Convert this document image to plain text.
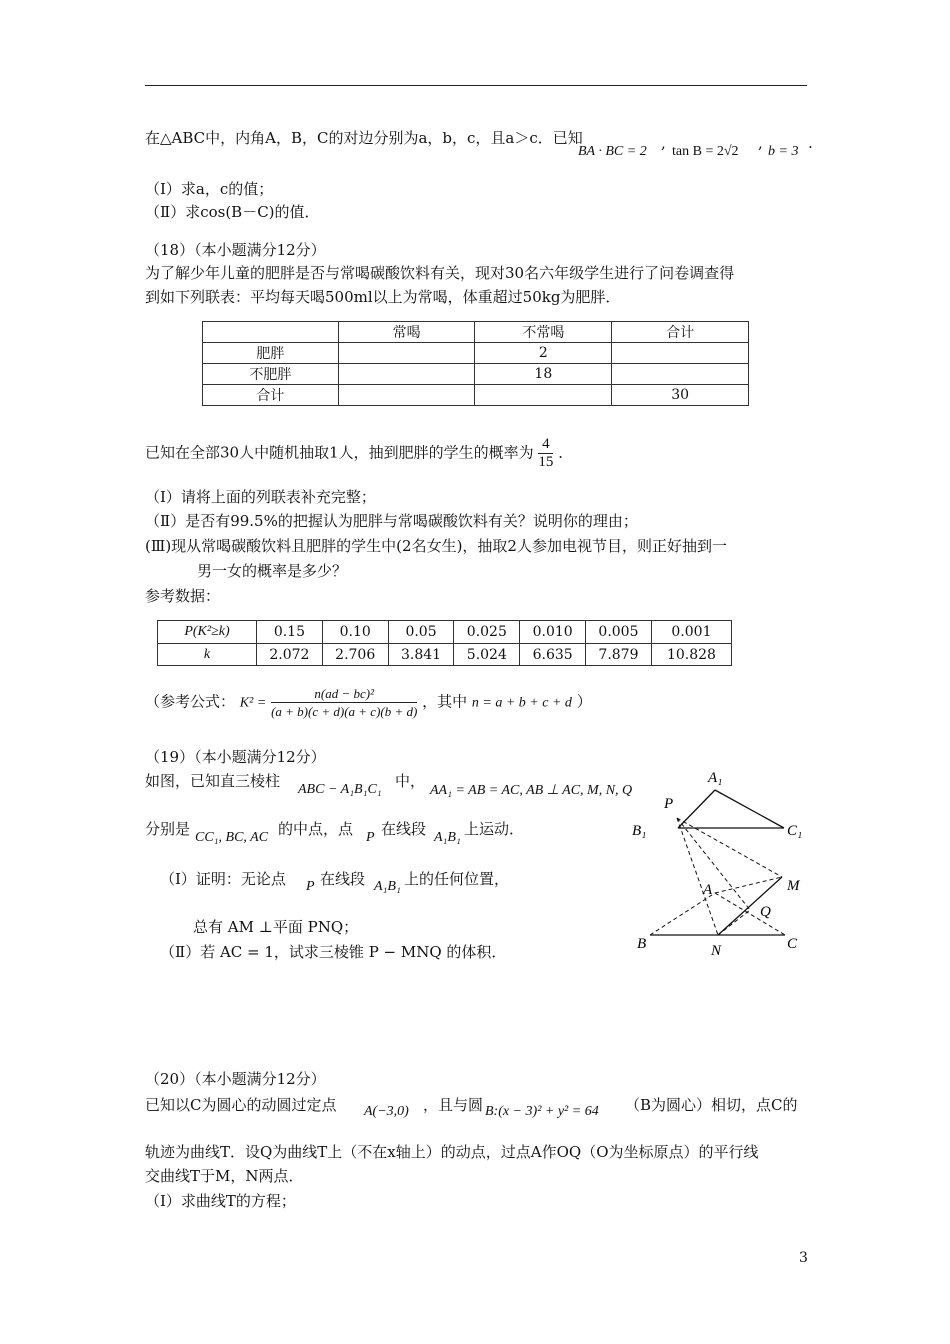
在△ABC中，内角A，B，C的对边分别为a，b，c，且a＞c．已知
BA · BC = 2 , tan B = 2√2 , b = 3 .
（Ⅰ）求a，c的值；
（Ⅱ）求cos(B－C)的值．
（18）（本小题满分12分）
为了解少年儿童的肥胖是否与常喝碳酸饮料有关，现对30名六年级学生进行了问卷调查得
到如下列联表：平均每天喝500ml以上为常喝，体重超过50kg为肥胖．
	常喝	不常喝	合计
肥胖		2	
不肥胖		18	
合计			30
已知在全部30人中随机抽取1人，抽到肥胖的学生的概率为 $\frac{4}{15}$ ．
（Ⅰ）请将上面的列联表补充完整；
（Ⅱ）是否有99.5%的把握认为肥胖与常喝碳酸饮料有关？说明你的理由；
(Ⅲ)现从常喝碳酸饮料且肥胖的学生中(2名女生)，抽取2人参加电视节目，则正好抽到一
男一女的概率是多少？
参考数据：
P(K²≥k)	0.15	0.10	0.05	0.025	0.010	0.005	0.001
k	2.072	2.706	3.841	5.024	6.635	7.879	10.828
（参考公式： $K^2 = \frac{\text{n(ad − bc)²}}{(a + b)(c + d)(a + c)(b + d)}$ ，其中 n = a + b + c + d ）
（19）（本小题满分12分）
如图，已知直三棱柱 ABC − A₁B₁C₁ 中，
AA₁ = AB = AC, AB ⊥ AC, M, N, Q
分别是 CC₁, BC, AC 的中点，点 P 在线段 A₁B₁ 上运动．
（Ⅰ）证明：无论点 P 在线段 A₁B₁ 上的任何位置，
总有 AM ⊥平面 PNQ；
（Ⅱ）若 AC = 1，试求三棱锥 P − MNQ 的体积．
A₁
P
B₁	C₁
A	M
Q
B	N	C
（20）（本小题满分12分）
已知以C为圆心的动圆过定点 A(−3,0) ，且与圆 B:(x − 3)² + y² = 64 （B为圆心）相切，点C的
轨迹为曲线T．设Q为曲线T上（不在x轴上）的动点，过点A作OQ（O为坐标原点）的平行线
交曲线T于M，N两点．
（Ⅰ）求曲线T的方程；
3
